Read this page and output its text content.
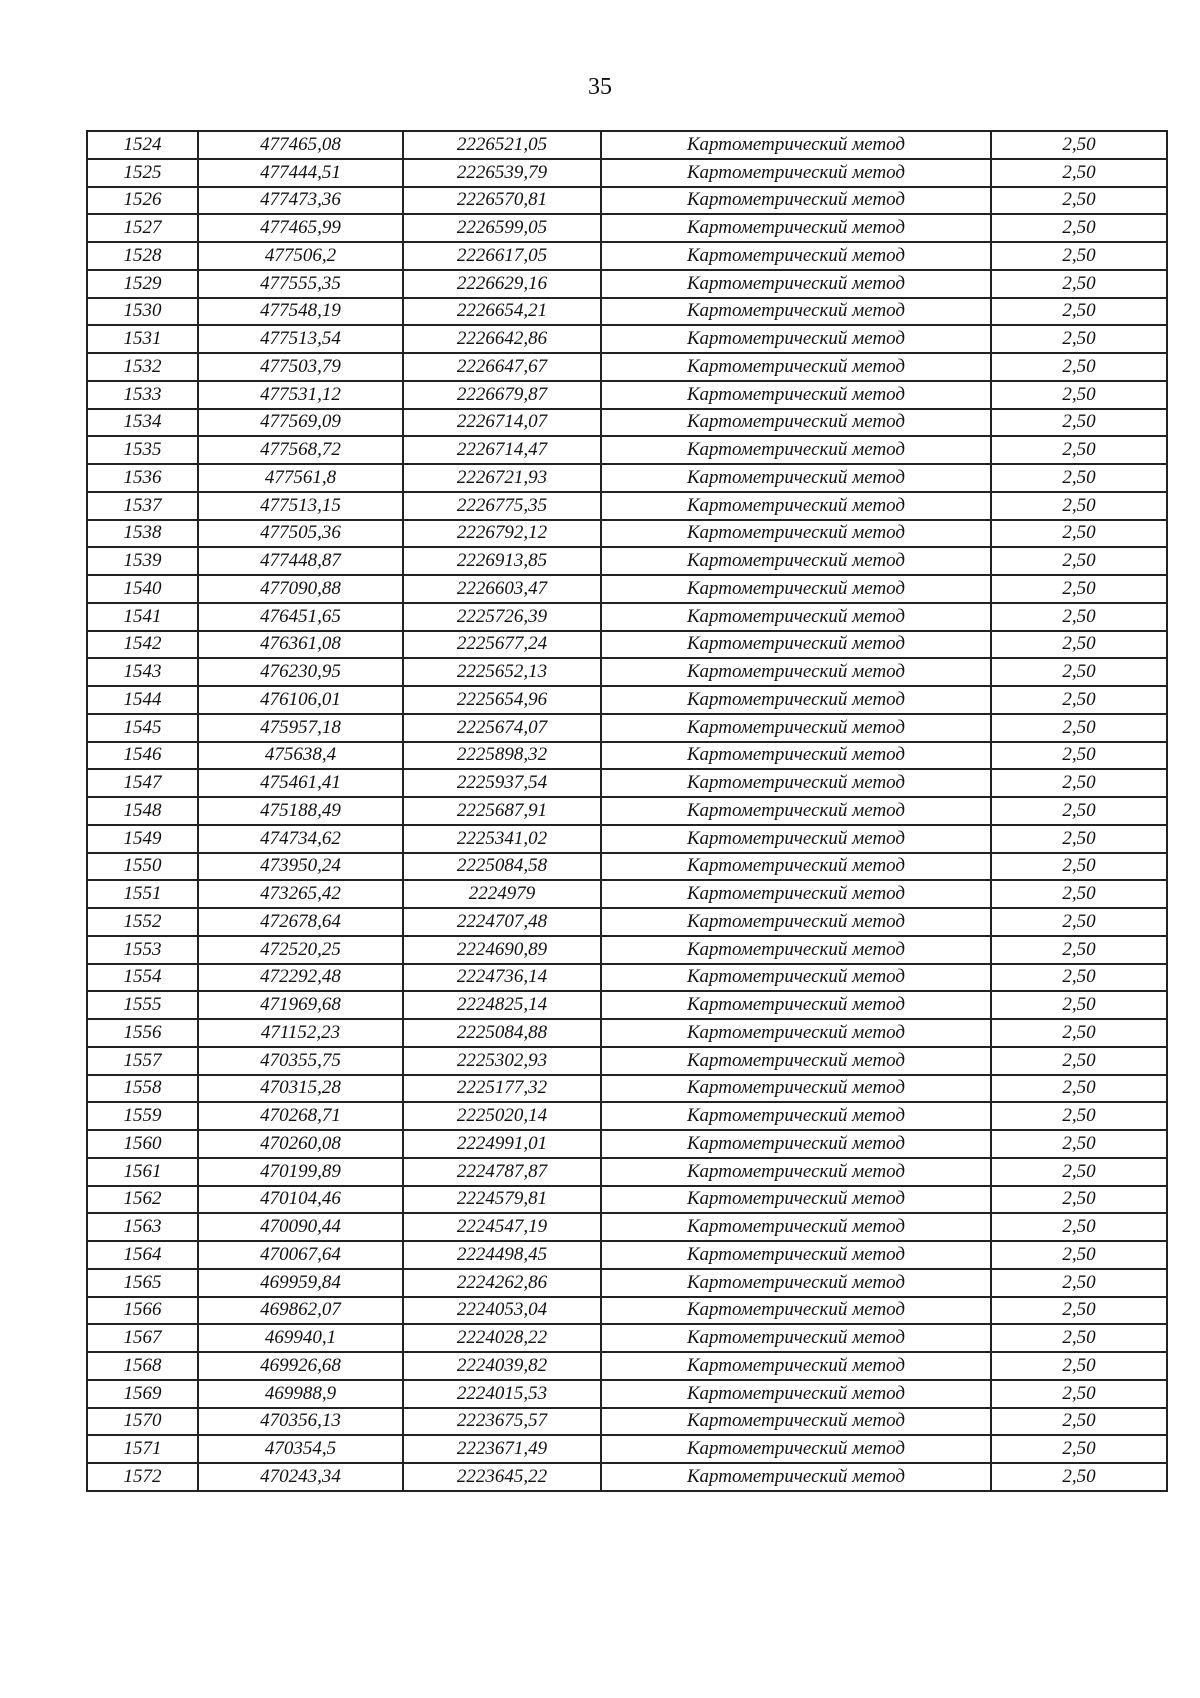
35
1524	477465,08	2226521,05	Картометрический метод	2,50
1525	477444,51	2226539,79	Картометрический метод	2,50
1526	477473,36	2226570,81	Картометрический метод	2,50
1527	477465,99	2226599,05	Картометрический метод	2,50
1528	477506,2	2226617,05	Картометрический метод	2,50
1529	477555,35	2226629,16	Картометрический метод	2,50
1530	477548,19	2226654,21	Картометрический метод	2,50
1531	477513,54	2226642,86	Картометрический метод	2,50
1532	477503,79	2226647,67	Картометрический метод	2,50
1533	477531,12	2226679,87	Картометрический метод	2,50
1534	477569,09	2226714,07	Картометрический метод	2,50
1535	477568,72	2226714,47	Картометрический метод	2,50
1536	477561,8	2226721,93	Картометрический метод	2,50
1537	477513,15	2226775,35	Картометрический метод	2,50
1538	477505,36	2226792,12	Картометрический метод	2,50
1539	477448,87	2226913,85	Картометрический метод	2,50
1540	477090,88	2226603,47	Картометрический метод	2,50
1541	476451,65	2225726,39	Картометрический метод	2,50
1542	476361,08	2225677,24	Картометрический метод	2,50
1543	476230,95	2225652,13	Картометрический метод	2,50
1544	476106,01	2225654,96	Картометрический метод	2,50
1545	475957,18	2225674,07	Картометрический метод	2,50
1546	475638,4	2225898,32	Картометрический метод	2,50
1547	475461,41	2225937,54	Картометрический метод	2,50
1548	475188,49	2225687,91	Картометрический метод	2,50
1549	474734,62	2225341,02	Картометрический метод	2,50
1550	473950,24	2225084,58	Картометрический метод	2,50
1551	473265,42	2224979	Картометрический метод	2,50
1552	472678,64	2224707,48	Картометрический метод	2,50
1553	472520,25	2224690,89	Картометрический метод	2,50
1554	472292,48	2224736,14	Картометрический метод	2,50
1555	471969,68	2224825,14	Картометрический метод	2,50
1556	471152,23	2225084,88	Картометрический метод	2,50
1557	470355,75	2225302,93	Картометрический метод	2,50
1558	470315,28	2225177,32	Картометрический метод	2,50
1559	470268,71	2225020,14	Картометрический метод	2,50
1560	470260,08	2224991,01	Картометрический метод	2,50
1561	470199,89	2224787,87	Картометрический метод	2,50
1562	470104,46	2224579,81	Картометрический метод	2,50
1563	470090,44	2224547,19	Картометрический метод	2,50
1564	470067,64	2224498,45	Картометрический метод	2,50
1565	469959,84	2224262,86	Картометрический метод	2,50
1566	469862,07	2224053,04	Картометрический метод	2,50
1567	469940,1	2224028,22	Картометрический метод	2,50
1568	469926,68	2224039,82	Картометрический метод	2,50
1569	469988,9	2224015,53	Картометрический метод	2,50
1570	470356,13	2223675,57	Картометрический метод	2,50
1571	470354,5	2223671,49	Картометрический метод	2,50
1572	470243,34	2223645,22	Картометрический метод	2,50
